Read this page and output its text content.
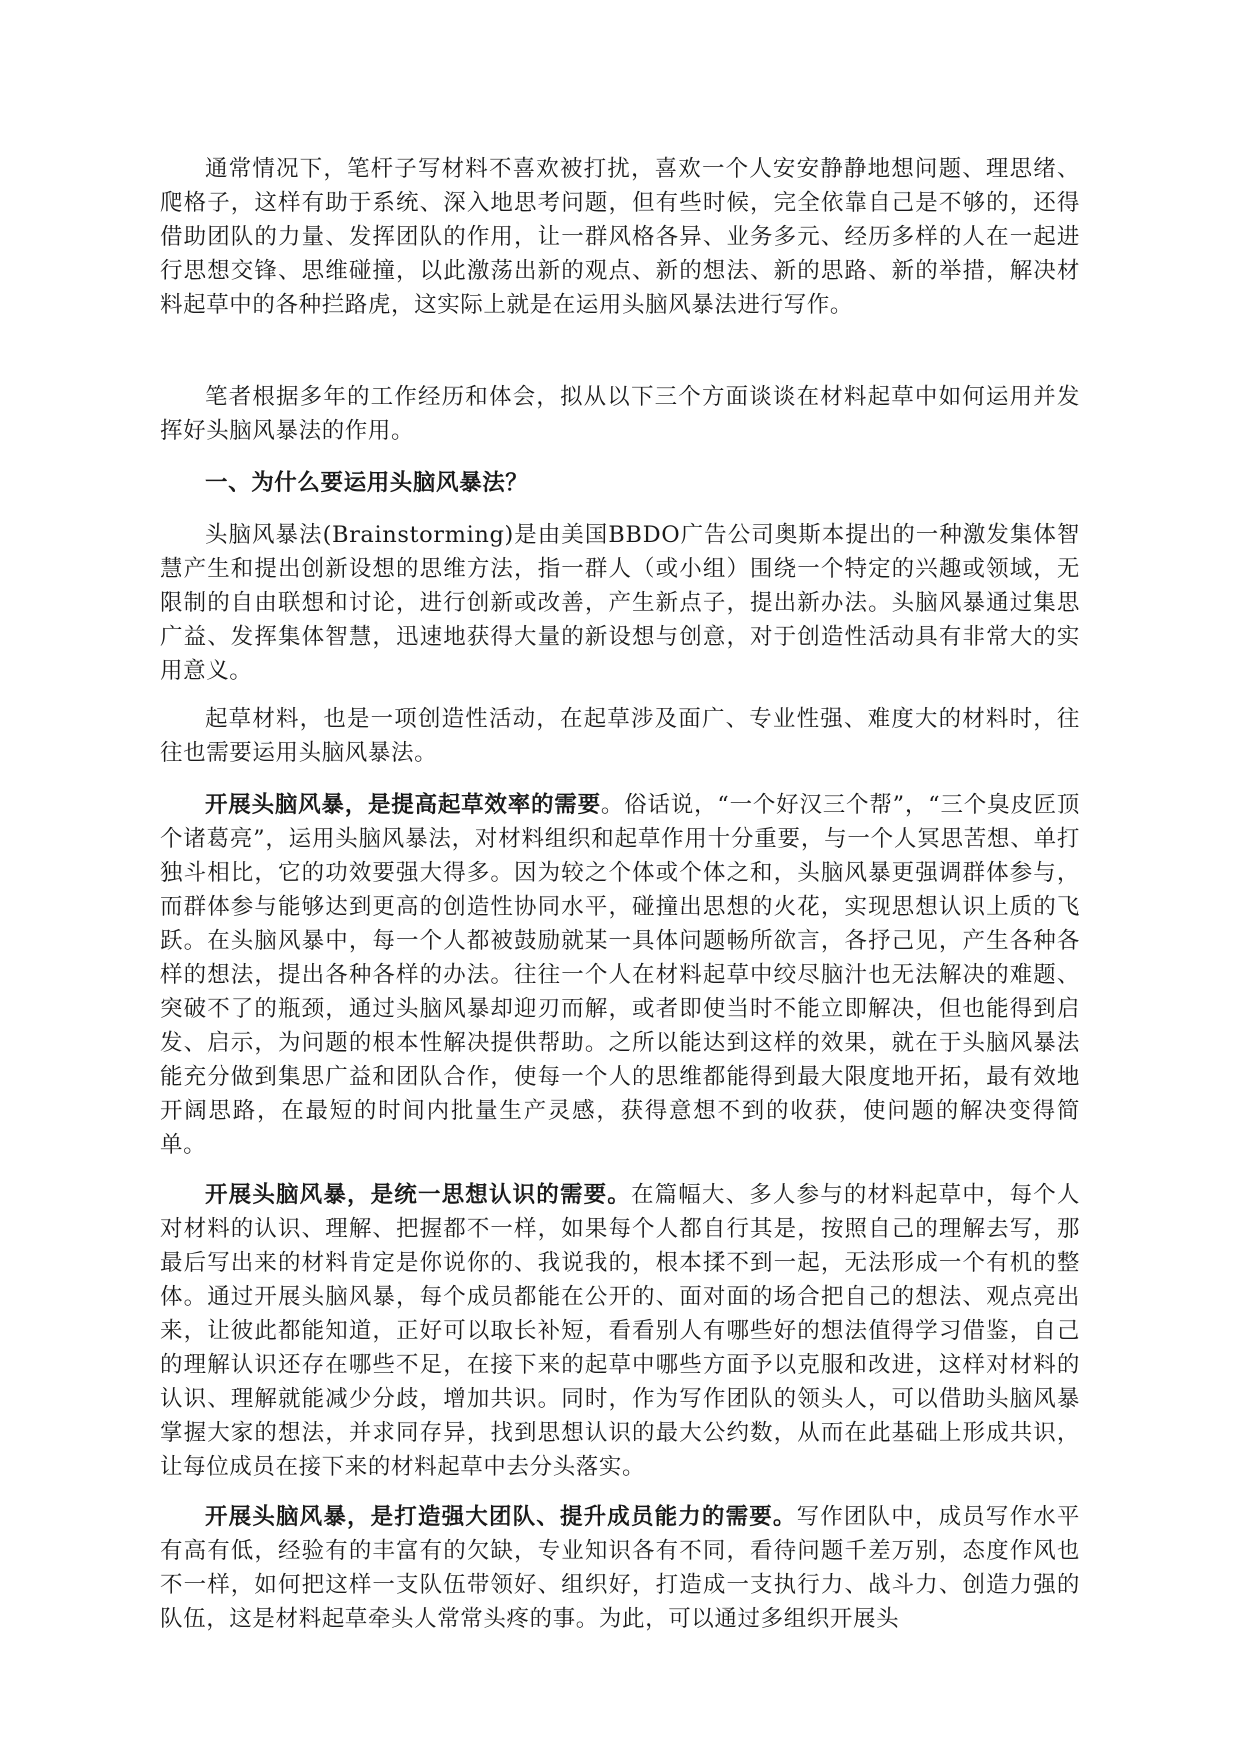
通常情况下，笔杆子写材料不喜欢被打扰，喜欢一个人安安静静地想问题、理思绪、爬格子，这样有助于系统、深入地思考问题，但有些时候，完全依靠自己是不够的，还得借助团队的力量、发挥团队的作用，让一群风格各异、业务多元、经历多样的人在一起进行思想交锋、思维碰撞，以此激荡出新的观点、新的想法、新的思路、新的举措，解决材料起草中的各种拦路虎，这实际上就是在运用头脑风暴法进行写作。

笔者根据多年的工作经历和体会，拟从以下三个方面谈谈在材料起草中如何运用并发挥好头脑风暴法的作用。

一、为什么要运用头脑风暴法？

头脑风暴法(Brainstorming)是由美国BBDO广告公司奥斯本提出的一种激发集体智慧产生和提出创新设想的思维方法，指一群人（或小组）围绕一个特定的兴趣或领域，无限制的自由联想和讨论，进行创新或改善，产生新点子，提出新办法。头脑风暴通过集思广益、发挥集体智慧，迅速地获得大量的新设想与创意，对于创造性活动具有非常大的实用意义。

起草材料，也是一项创造性活动，在起草涉及面广、专业性强、难度大的材料时，往往也需要运用头脑风暴法。

开展头脑风暴，是提高起草效率的需要。俗话说，“一个好汉三个帮”，“三个臭皮匠顶个诸葛亮”，运用头脑风暴法，对材料组织和起草作用十分重要，与一个人冥思苦想、单打独斗相比，它的功效要强大得多。因为较之个体或个体之和，头脑风暴更强调群体参与，而群体参与能够达到更高的创造性协同水平，碰撞出思想的火花，实现思想认识上质的飞跃。在头脑风暴中，每一个人都被鼓励就某一具体问题畅所欲言，各抒己见，产生各种各样的想法，提出各种各样的办法。往往一个人在材料起草中绞尽脑汁也无法解决的难题、突破不了的瓶颈，通过头脑风暴却迎刃而解，或者即使当时不能立即解决，但也能得到启发、启示，为问题的根本性解决提供帮助。之所以能达到这样的效果，就在于头脑风暴法能充分做到集思广益和团队合作，使每一个人的思维都能得到最大限度地开拓，最有效地开阔思路，在最短的时间内批量生产灵感，获得意想不到的收获，使问题的解决变得简单。

开展头脑风暴，是统一思想认识的需要。在篇幅大、多人参与的材料起草中，每个人对材料的认识、理解、把握都不一样，如果每个人都自行其是，按照自己的理解去写，那最后写出来的材料肯定是你说你的、我说我的，根本揉不到一起，无法形成一个有机的整体。通过开展头脑风暴，每个成员都能在公开的、面对面的场合把自己的想法、观点亮出来，让彼此都能知道，正好可以取长补短，看看别人有哪些好的想法值得学习借鉴，自己的理解认识还存在哪些不足，在接下来的起草中哪些方面予以克服和改进，这样对材料的认识、理解就能减少分歧，增加共识。同时，作为写作团队的领头人，可以借助头脑风暴掌握大家的想法，并求同存异，找到思想认识的最大公约数，从而在此基础上形成共识，让每位成员在接下来的材料起草中去分头落实。

开展头脑风暴，是打造强大团队、提升成员能力的需要。写作团队中，成员写作水平有高有低，经验有的丰富有的欠缺，专业知识各有不同，看待问题千差万别，态度作风也不一样，如何把这样一支队伍带领好、组织好，打造成一支执行力、战斗力、创造力强的队伍，这是材料起草牵头人常常头疼的事。为此，可以通过多组织开展头
